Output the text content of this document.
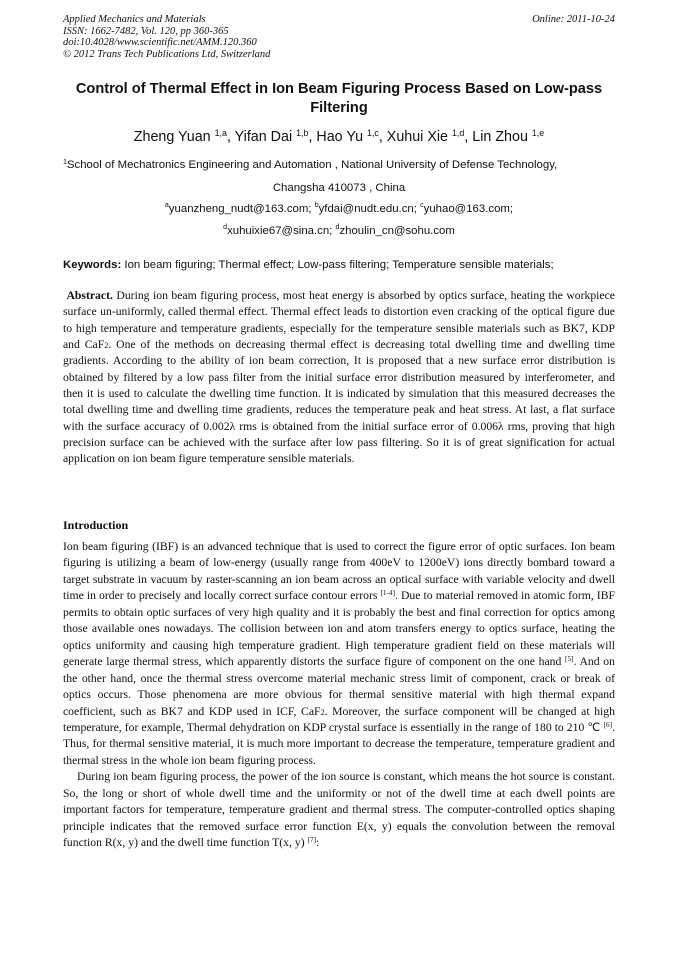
Applied Mechanics and Materials
ISSN: 1662-7482, Vol. 120, pp 360-365
doi:10.4028/www.scientific.net/AMM.120.360
© 2012 Trans Tech Publications Ltd, Switzerland
Online: 2011-10-24
Control of Thermal Effect in Ion Beam Figuring Process Based on Low-pass Filtering
Zheng Yuan $^{1,a}$, Yifan Dai $^{1,b}$, Hao Yu $^{1,c}$, Xuhui Xie $^{1,d}$, Lin Zhou $^{1,e}$
$^1$School of Mechatronics Engineering and Automation , National University of Defense Technology,
Changsha 410073 , China
$^a$yuanzheng_nudt@163.com; $^b$yfdai@nudt.edu.cn; $^c$yuhao@163.com;
$^d$xuhuixie67@sina.cn; $^d$zhoulin_cn@sohu.com
Keywords: Ion beam figuring; Thermal effect; Low-pass filtering; Temperature sensible materials;
Abstract. During ion beam figuring process, most heat energy is absorbed by optics surface, heating the workpiece surface un-uniformly, called thermal effect. Thermal effect leads to distortion even cracking of the optical figure due to high temperature and temperature gradients, especially for the temperature sensible materials such as BK7, KDP and CaF$_2$. One of the methods on decreasing thermal effect is decreasing total dwelling time and dwelling time gradients. According to the ability of ion beam correction, It is proposed that a new surface error distribution is obtained by filtered by a low pass filter from the initial surface error distribution measured by interferometer, and then it is used to calculate the dwelling time function. It is indicated by simulation that this measured decreases the total dwelling time and dwelling time gradients, reduces the temperature peak and heat stress. At last, a flat surface with the surface accuracy of 0.002λ rms is obtained from the initial surface error of 0.006λ rms, proving that high precision surface can be achieved with the surface after low pass filtering. So it is of great signification for actual application on ion beam figure temperature sensible materials.
Introduction

Ion beam figuring (IBF) is an advanced technique that is used to correct the figure error of optic surfaces. Ion beam figuring is utilizing a beam of low-energy (usually range from 400eV to 1200eV) ions directly bombard toward a target substrate in vacuum by raster-scanning an ion beam across an optical surface with variable velocity and dwell time in order to precisely and locally correct surface contour errors [1-4]. Due to material removed in atomic form, IBF permits to obtain optic surfaces of very high quality and it is probably the best and final correction for optics among those available ones nowadays. The collision between ion and atom transfers energy to optics surface, heating the optics uniformity and causing high temperature gradient. High temperature gradient field on these materials will generate large thermal stress, which apparently distorts the surface figure of component on the one hand [5]. And on the other hand, once the thermal stress overcome material mechanic stress limit of component, crack or break of optics occurs. Those phenomena are more obvious for thermal sensitive material with high thermal expand coefficient, such as BK7 and KDP used in ICF, CaF$_2$. Moreover, the surface component will be changed at high temperature, for example, Thermal dehydration on KDP crystal surface is essentially in the range of 180 to 210 ℃ [6]. Thus, for thermal sensitive material, it is much more important to decrease the temperature, temperature gradient and thermal stress in the whole ion beam figuring process.

During ion beam figuring process, the power of the ion source is constant, which means the hot source is constant. So, the long or short of whole dwell time and the uniformity or not of the dwell time at each dwell points are important factors for temperature, temperature gradient and thermal stress. The computer-controlled optics shaping principle indicates that the removed surface error function E(x, y) equals the convolution between the removal function R(x, y) and the dwell time function T(x, y) [7]:
